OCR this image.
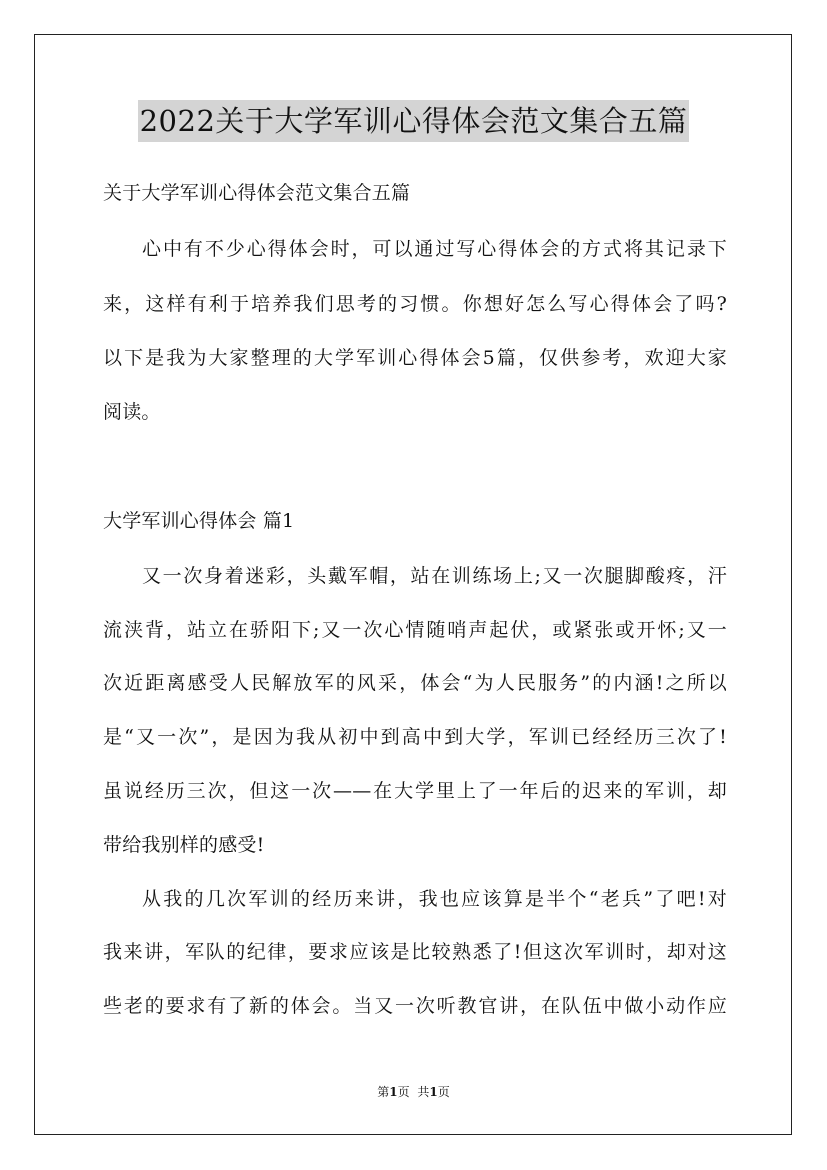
2022关于大学军训心得体会范文集合五篇
关于大学军训心得体会范文集合五篇
心中有不少心得体会时，可以通过写心得体会的方式将其记录下
来，这样有利于培养我们思考的习惯。你想好怎么写心得体会了吗?
以下是我为大家整理的大学军训心得体会5篇，仅供参考，欢迎大家
阅读。
大学军训心得体会 篇1
又一次身着迷彩，头戴军帽，站在训练场上;又一次腿脚酸疼，汗
流浃背，站立在骄阳下;又一次心情随哨声起伏，或紧张或开怀;又一
次近距离感受人民解放军的风采，体会“为人民服务”的内涵!之所以
是“又一次”，是因为我从初中到高中到大学，军训已经经历三次了!
虽说经历三次，但这一次——在大学里上了一年后的迟来的军训，却
带给我别样的感受!
从我的几次军训的经历来讲，我也应该算是半个“老兵”了吧!对
我来讲，军队的纪律，要求应该是比较熟悉了!但这次军训时，却对这
些老的要求有了新的体会。当又一次听教官讲，在队伍中做小动作应
第1页 共1页
